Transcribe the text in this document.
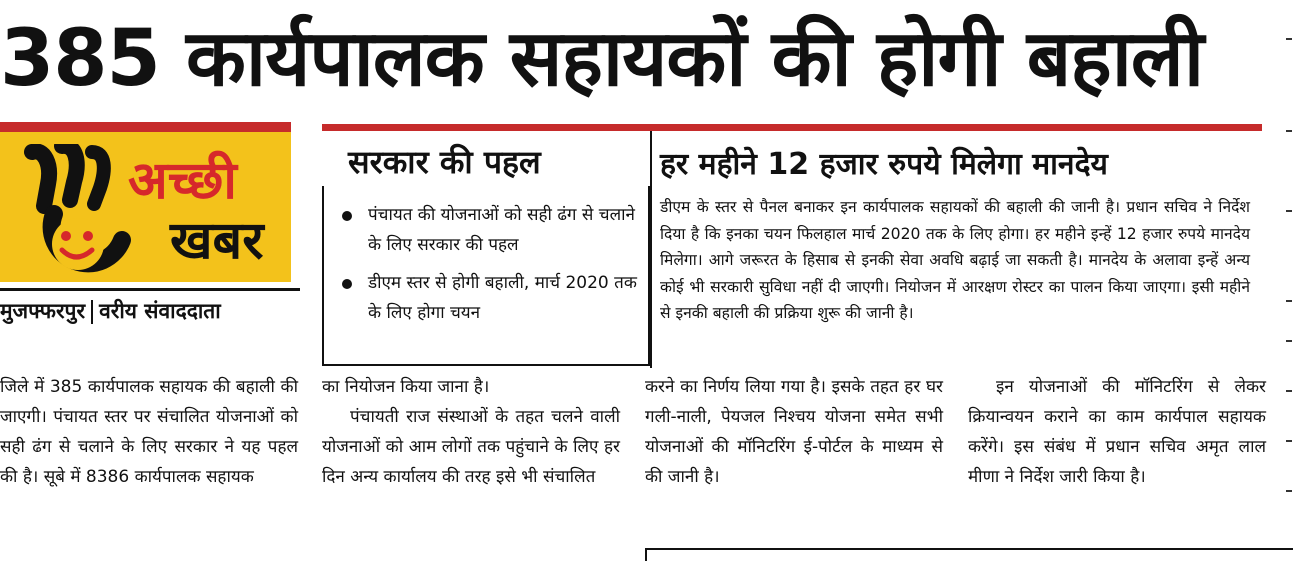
385 कार्यपालक सहायकों की होगी बहाली
अच्छी
खबर
मुजफ्फरपुर वरीय संवाददाता
सरकार की पहल
पंचायत की योजनाओं को सही ढंग से चलाने के लिए सरकार की पहल
डीएम स्तर से होगी बहाली, मार्च 2020 तक के लिए होगा चयन
हर महीने 12 हजार रुपये मिलेगा मानदेय

डीएम के स्तर से पैनल बनाकर इन कार्यपालक सहायकों की बहाली की जानी है। प्रधान सचिव ने निर्देश दिया है कि इनका चयन फिलहाल मार्च 2020 तक के लिए होगा। हर महीने इन्हें 12 हजार रुपये मानदेय मिलेगा। आगे जरूरत के हिसाब से इनकी सेवा अवधि बढ़ाई जा सकती है। मानदेय के अलावा इन्हें अन्य कोई भी सरकारी सुविधा नहीं दी जाएगी। नियोजन में आरक्षण रोस्टर का पालन किया जाएगा। इसी महीने से इनकी बहाली की प्रक्रिया शुरू की जानी है।

जिले में 385 कार्यपालक सहायक की बहाली की जाएगी। पंचायत स्तर पर संचालित योजनाओं को सही ढंग से चलाने के लिए सरकार ने यह पहल की है। सूबे में 8386 कार्यपालक सहायक

का नियोजन किया जाना है।

पंचायती राज संस्थाओं के तहत चलने वाली योजनाओं को आम लोगों तक पहुंचाने के लिए हर दिन अन्य कार्यालय की तरह इसे भी संचालित

करने का निर्णय लिया गया है। इसके तहत हर घर गली-नाली, पेयजल निश्चय योजना समेत सभी योजनाओं की मॉनिटरिंग ई-पोर्टल के माध्यम से की जानी है।

इन योजनाओं की मॉनिटरिंग से लेकर क्रियान्वयन कराने का काम कार्यपाल सहायक करेंगे। इस संबंध में प्रधान सचिव अमृत लाल मीणा ने निर्देश जारी किया है।
